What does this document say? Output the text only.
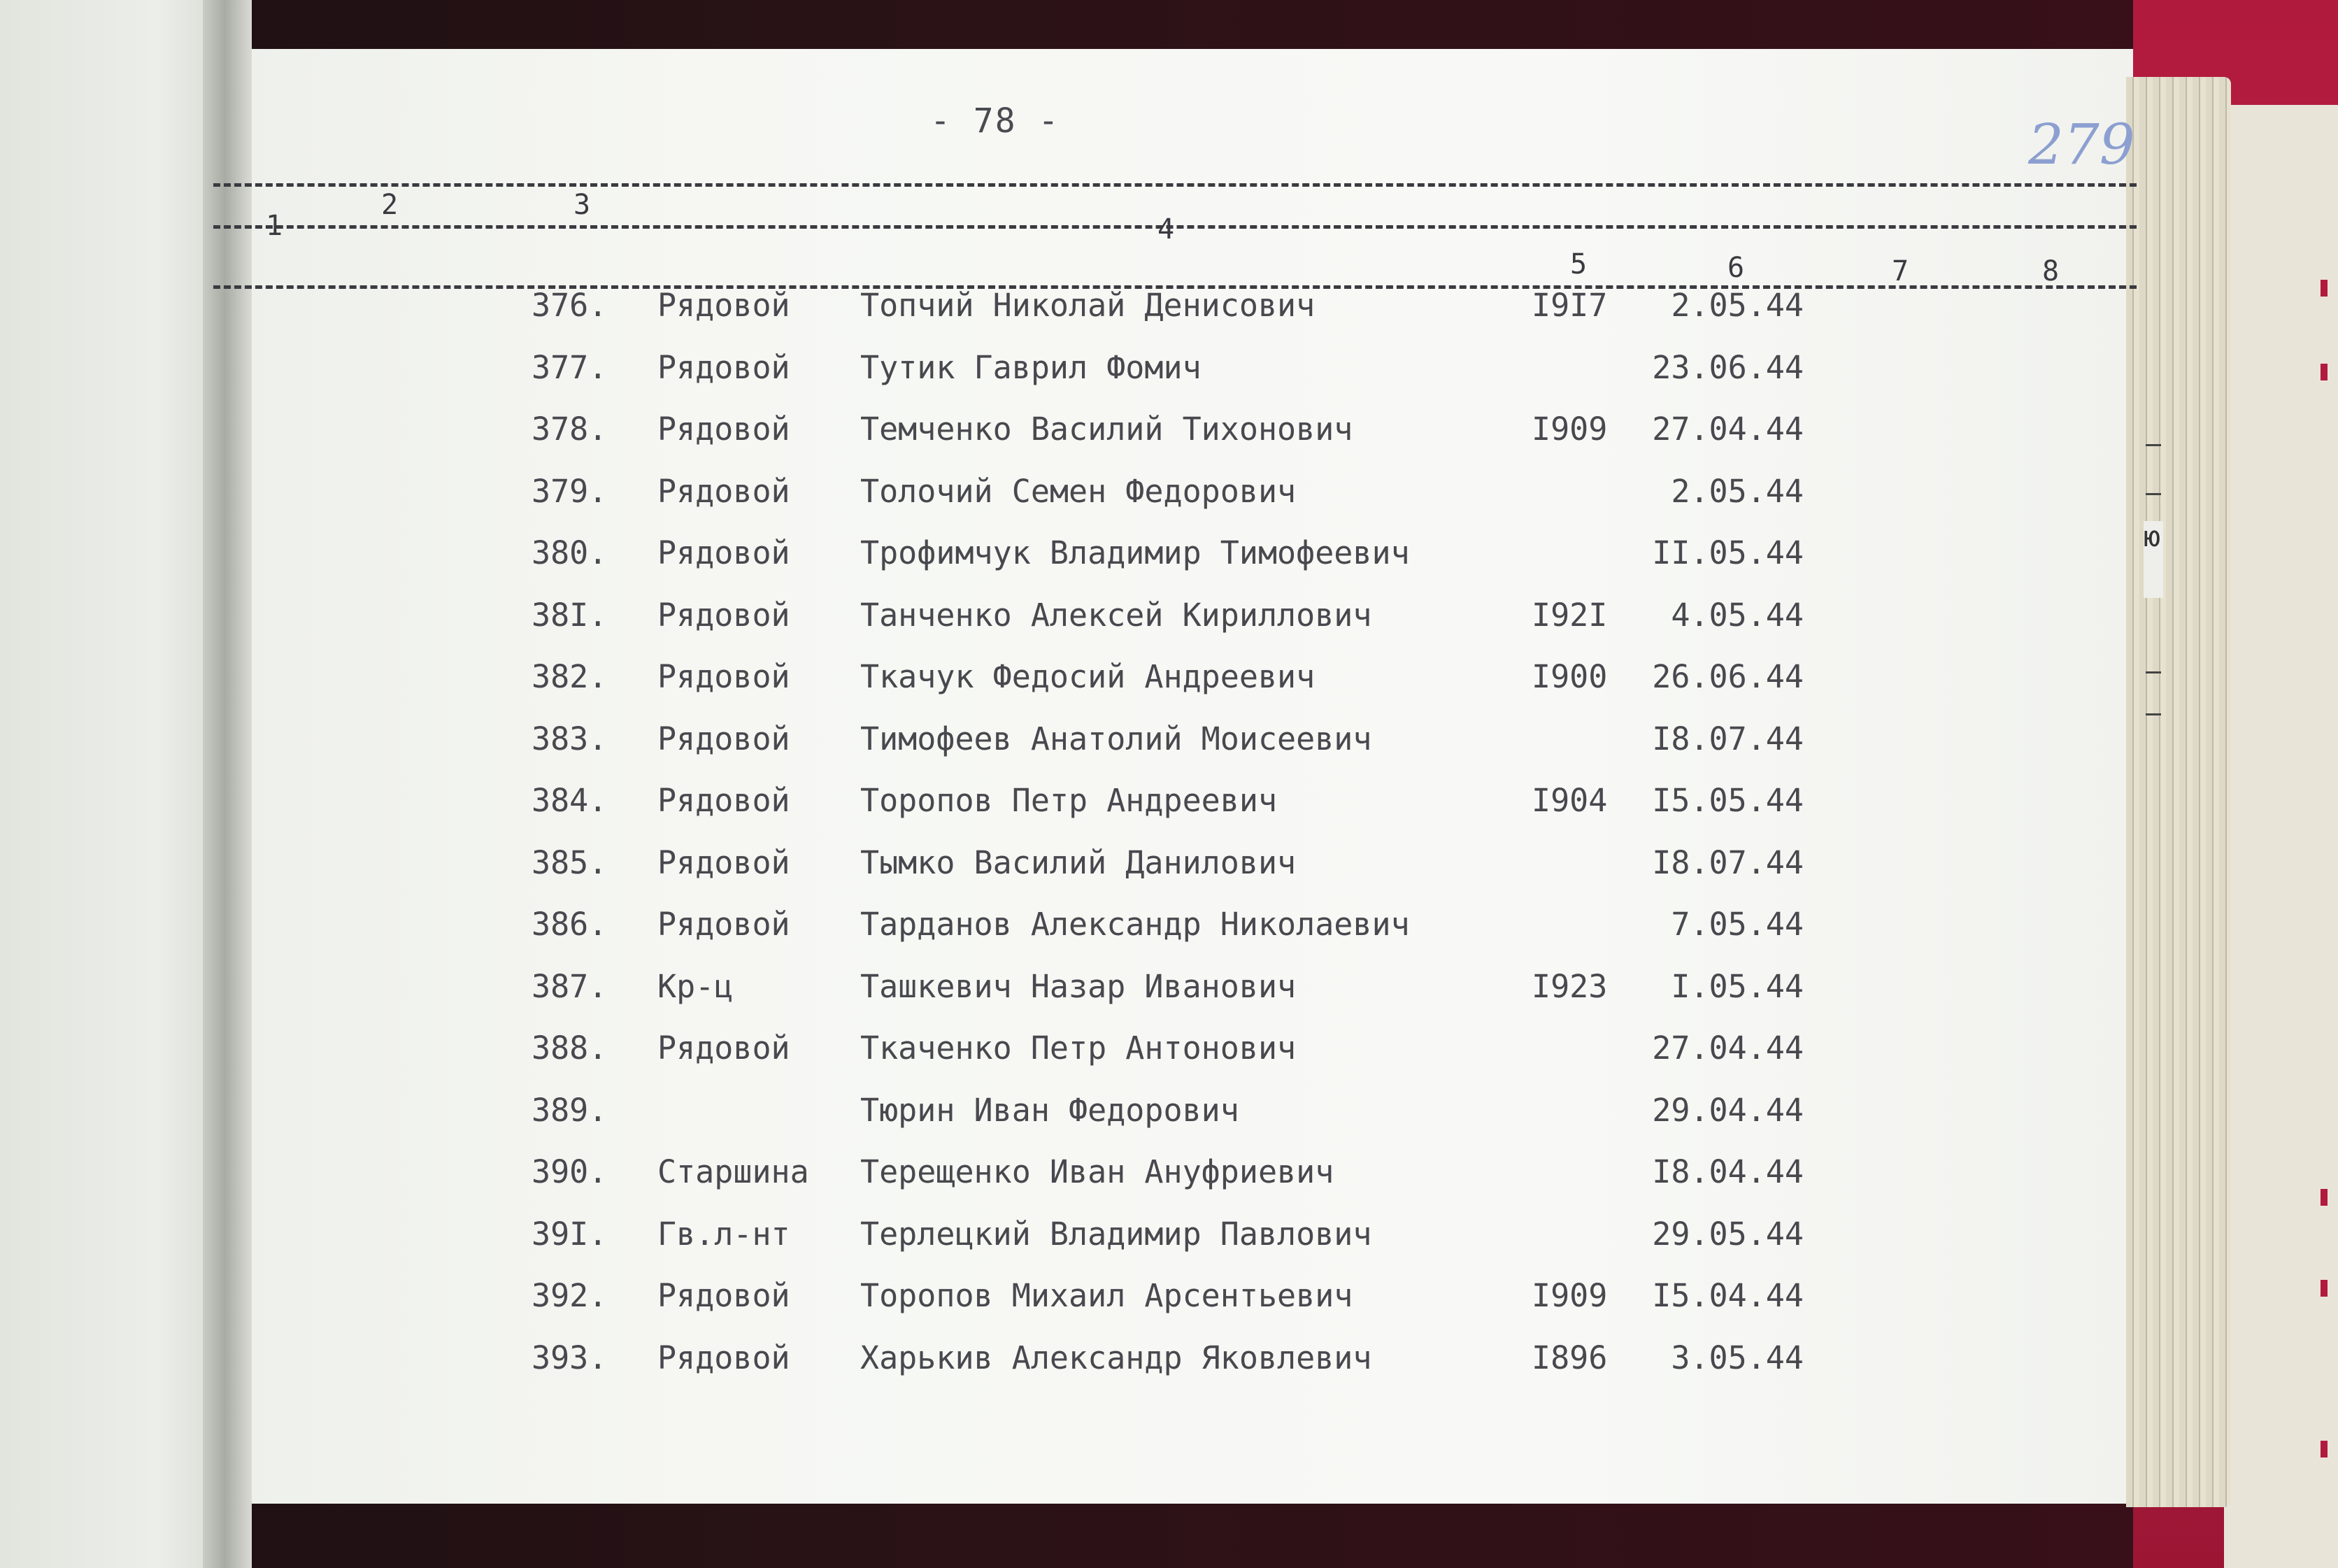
ю
- 78 -	279
1
2	3
4
5	6	7	8
376. Рядовой Топчий Николай Денисович	I9I7 2.05.44
377. Рядовой Тутик Гаврил Фомич	23.06.44
378. Рядовой Темченко Василий Тихонович	I909 27.04.44
379. Рядовой Толочий Семен Федорович	2.05.44
380. Рядовой Трофимчук Владимир Тимофеевич	II.05.44
38I. Рядовой Танченко Алексей Кириллович	I92I 4.05.44
382. Рядовой Ткачук Федосий Андреевич	I900 26.06.44
383. Рядовой Тимофеев Анатолий Моисеевич	I8.07.44
384. Рядовой Торопов Петр Андреевич	I904 I5.05.44
385. Рядовой Тымко Василий Данилович	I8.07.44
386. Рядовой Тарданов Александр Николаевич	7.05.44
387. Кр-ц	Ташкевич Назар Иванович	I923 I.05.44
388. Рядовой Ткаченко Петр Антонович	27.04.44
389.	Тюрин Иван Федорович	29.04.44
390. Старшина Терещенко Иван Ануфриевич	I8.04.44
39I. Гв.л-нт Терлецкий Владимир Павлович	29.05.44
392. Рядовой Торопов Михаил Арсентьевич	I909 I5.04.44
393. Рядовой Харькив Александр Яковлевич	I896 3.05.44
